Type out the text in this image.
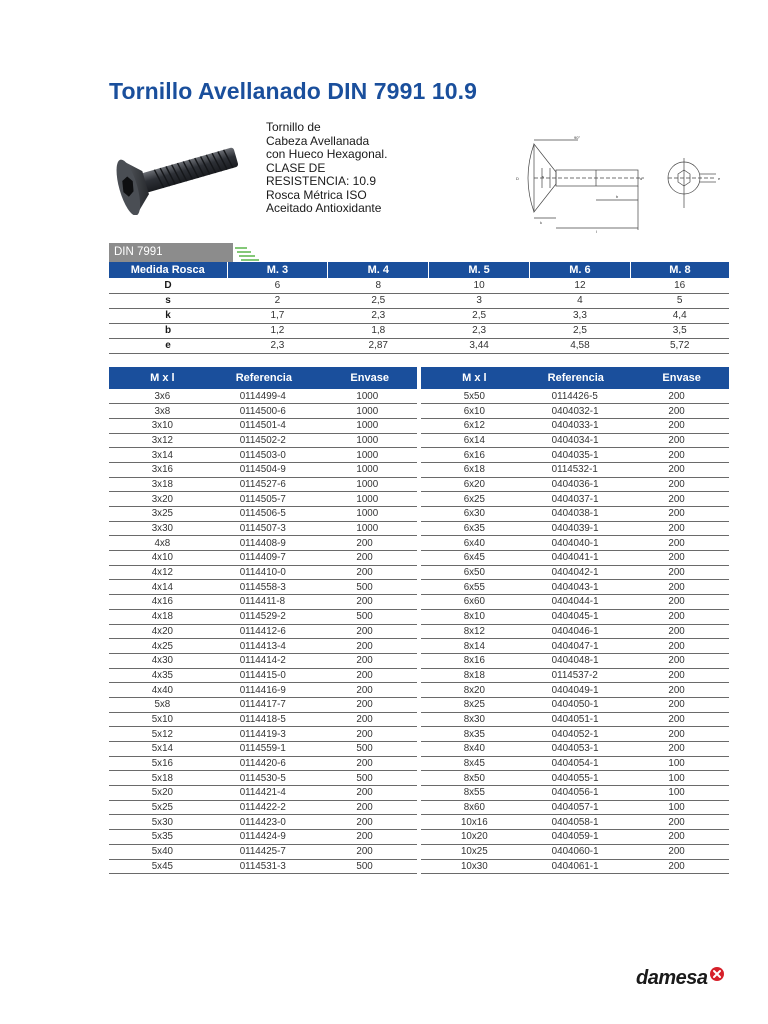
Tornillo Avellanado DIN 7991 10.9
Tornillo de
Cabeza Avellanada
con Hueco Hexagonal.
CLASE DE
RESISTENCIA: 10.9
Rosca Métrica ISO
Aceitado Antioxidante
D
k
s
b
l
d	e
90°
DIN 7991
Medida Rosca	M. 3	M. 4	M. 5	M. 6	M. 8
D	6	8	10	12	16
s	2	2,5	3	4	5
k	1,7	2,3	2,5	3,3	4,4
b	1,2	1,8	2,3	2,5	3,5
e	2,3	2,87	3,44	4,58	5,72
M x l	Referencia	Envase		M x l	Referencia	Envase
3x6	0114499-4	1000		5x50	0114426-5	200
3x8	0114500-6	1000		6x10	0404032-1	200
3x10	0114501-4	1000		6x12	0404033-1	200
3x12	0114502-2	1000		6x14	0404034-1	200
3x14	0114503-0	1000		6x16	0404035-1	200
3x16	0114504-9	1000		6x18	0114532-1	200
3x18	0114527-6	1000		6x20	0404036-1	200
3x20	0114505-7	1000		6x25	0404037-1	200
3x25	0114506-5	1000		6x30	0404038-1	200
3x30	0114507-3	1000		6x35	0404039-1	200
4x8	0114408-9	200		6x40	0404040-1	200
4x10	0114409-7	200		6x45	0404041-1	200
4x12	0114410-0	200		6x50	0404042-1	200
4x14	0114558-3	500		6x55	0404043-1	200
4x16	0114411-8	200		6x60	0404044-1	200
4x18	0114529-2	500		8x10	0404045-1	200
4x20	0114412-6	200		8x12	0404046-1	200
4x25	0114413-4	200		8x14	0404047-1	200
4x30	0114414-2	200		8x16	0404048-1	200
4x35	0114415-0	200		8x18	0114537-2	200
4x40	0114416-9	200		8x20	0404049-1	200
5x8	0114417-7	200		8x25	0404050-1	200
5x10	0114418-5	200		8x30	0404051-1	200
5x12	0114419-3	200		8x35	0404052-1	200
5x14	0114559-1	500		8x40	0404053-1	200
5x16	0114420-6	200		8x45	0404054-1	100
5x18	0114530-5	500		8x50	0404055-1	100
5x20	0114421-4	200		8x55	0404056-1	100
5x25	0114422-2	200		8x60	0404057-1	100
5x30	0114423-0	200		10x16	0404058-1	200
5x35	0114424-9	200		10x20	0404059-1	200
5x40	0114425-7	200		10x25	0404060-1	200
5x45	0114531-3	500		10x30	0404061-1	200
damesa
